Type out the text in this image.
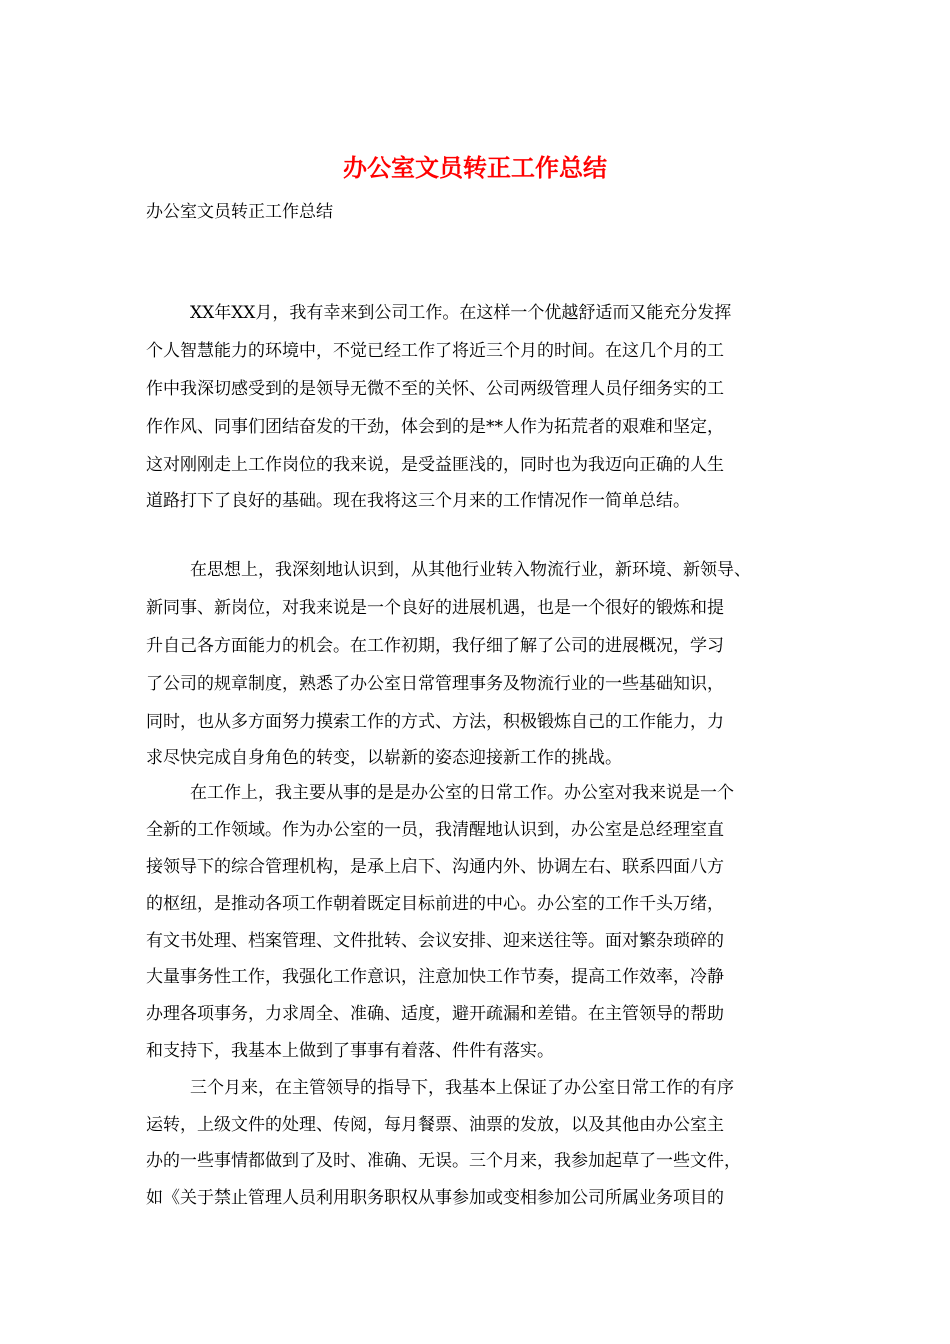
办公室文员转正工作总结

办公室文员转正工作总结

XX年XX月，我有幸来到公司工作。在这样一个优越舒适而又能充分发挥

个人智慧能力的环境中，不觉已经工作了将近三个月的时间。在这几个月的工

作中我深切感受到的是领导无微不至的关怀、公司两级管理人员仔细务实的工

作作风、同事们团结奋发的干劲，体会到的是**人作为拓荒者的艰难和坚定，

这对刚刚走上工作岗位的我来说，是受益匪浅的，同时也为我迈向正确的人生

道路打下了良好的基础。现在我将这三个月来的工作情况作一简单总结。

在思想上，我深刻地认识到，从其他行业转入物流行业，新环境、新领导、

新同事、新岗位，对我来说是一个良好的进展机遇，也是一个很好的锻炼和提

升自己各方面能力的机会。在工作初期，我仔细了解了公司的进展概况，学习

了公司的规章制度，熟悉了办公室日常管理事务及物流行业的一些基础知识，

同时，也从多方面努力摸索工作的方式、方法，积极锻炼自己的工作能力，力

求尽快完成自身角色的转变，以崭新的姿态迎接新工作的挑战。

在工作上，我主要从事的是是办公室的日常工作。办公室对我来说是一个

全新的工作领域。作为办公室的一员，我清醒地认识到，办公室是总经理室直

接领导下的综合管理机构，是承上启下、沟通内外、协调左右、联系四面八方

的枢纽，是推动各项工作朝着既定目标前进的中心。办公室的工作千头万绪，

有文书处理、档案管理、文件批转、会议安排、迎来送往等。面对繁杂琐碎的

大量事务性工作，我强化工作意识，注意加快工作节奏，提高工作效率，冷静

办理各项事务，力求周全、准确、适度，避开疏漏和差错。在主管领导的帮助

和支持下，我基本上做到了事事有着落、件件有落实。

三个月来，在主管领导的指导下，我基本上保证了办公室日常工作的有序

运转，上级文件的处理、传阅，每月餐票、油票的发放，以及其他由办公室主

办的一些事情都做到了及时、准确、无误。三个月来，我参加起草了一些文件，

如《关于禁止管理人员利用职务职权从事参加或变相参加公司所属业务项目的
